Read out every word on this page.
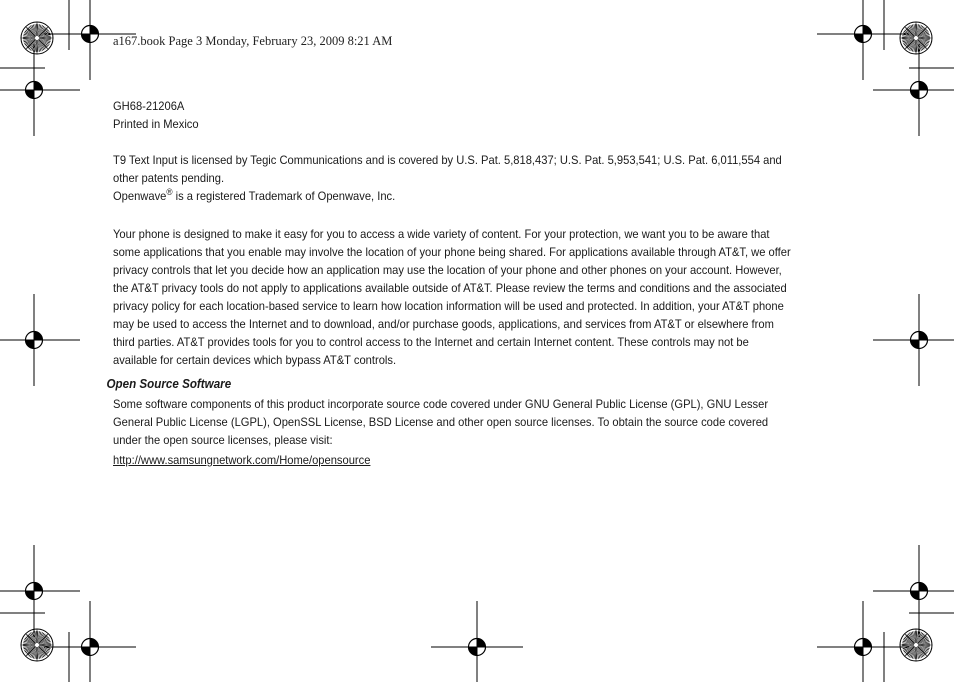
a167.book Page 3 Monday, February 23, 2009 8:21 AM

GH68-21206A

Printed in Mexico

T9 Text Input is licensed by Tegic Communications and is covered by U.S. Pat. 5,818,437; U.S. Pat. 5,953,541; U.S. Pat. 6,011,554 and other patents pending.

Openwave® is a registered Trademark of Openwave, Inc.

Your phone is designed to make it easy for you to access a wide variety of content. For your protection, we want you to be aware that some applications that you enable may involve the location of your phone being shared. For applications available through AT&T, we offer privacy controls that let you decide how an application may use the location of your phone and other phones on your account. However, the AT&T privacy tools do not apply to applications available outside of AT&T. Please review the terms and conditions and the associated privacy policy for each location-based service to learn how location information will be used and protected. In addition, your AT&T phone may be used to access the Internet and to download, and/or purchase goods, applications, and services from AT&T or elsewhere from third parties. AT&T provides tools for you to control access to the Internet and certain Internet content. These controls may not be available for certain devices which bypass AT&T controls.

Open Source Software

Some software components of this product incorporate source code covered under GNU General Public License (GPL), GNU Lesser General Public License (LGPL), OpenSSL License, BSD License and other open source licenses. To obtain the source code covered under the open source licenses, please visit:

http://www.samsungnetwork.com/Home/opensource
